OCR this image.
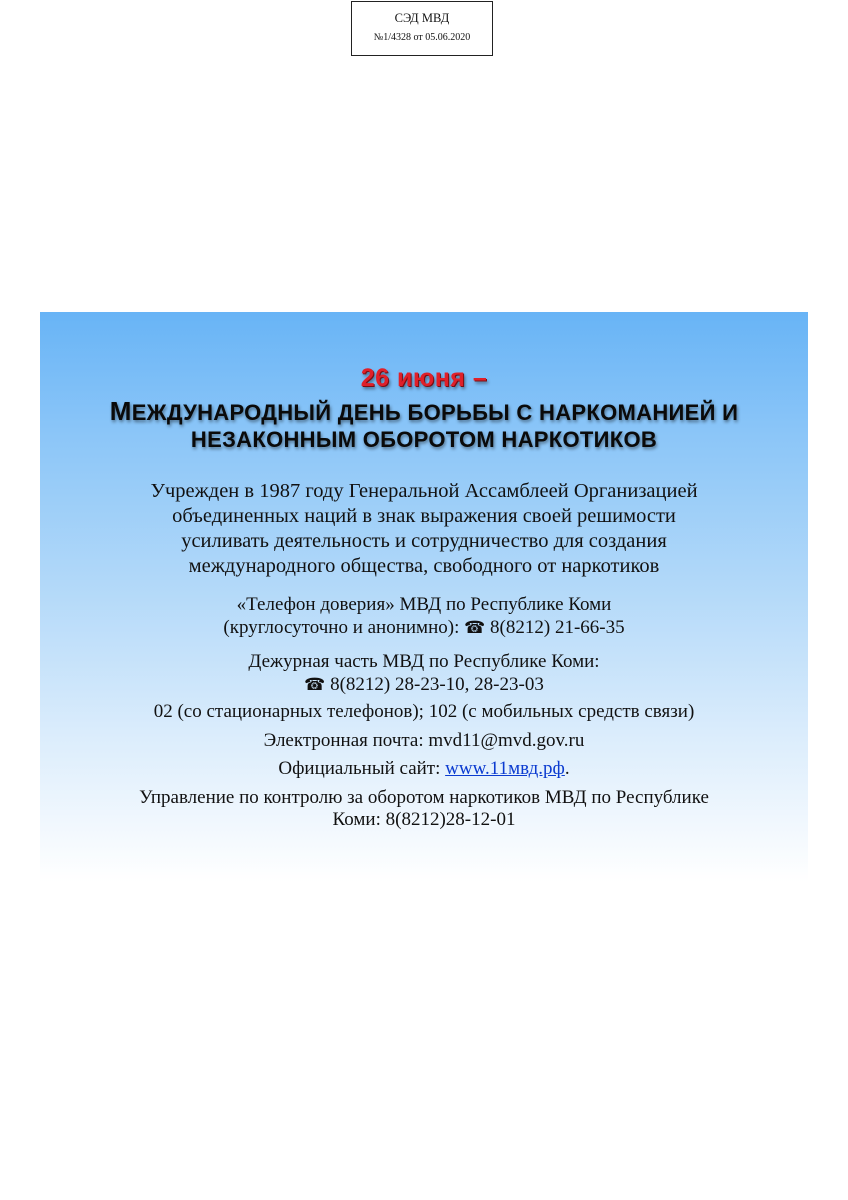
СЭД МВД
№1/4328 от 05.06.2020
26 июня –
МЕЖДУНАРОДНЫЙ ДЕНЬ БОРЬБЫ С НАРКОМАНИЕЙ И
НЕЗАКОННЫМ ОБОРОТОМ НАРКОТИКОВ
Учрежден в 1987 году Генеральной Ассамблеей Организацией
объединенных наций в знак выражения своей решимости
усиливать деятельность и сотрудничество для создания
международного общества, свободного от наркотиков
«Телефон доверия» МВД по Республике Коми
(круглосуточно и анонимно): ☎ 8(8212) 21-66-35
Дежурная часть МВД по Республике Коми:
☎ 8(8212) 28-23-10, 28-23-03
02 (со стационарных телефонов); 102 (с мобильных средств связи)
Электронная почта: mvd11@mvd.gov.ru
Официальный сайт: www.11мвд.рф.
Управление по контролю за оборотом наркотиков МВД по Республике
Коми: 8(8212)28-12-01
